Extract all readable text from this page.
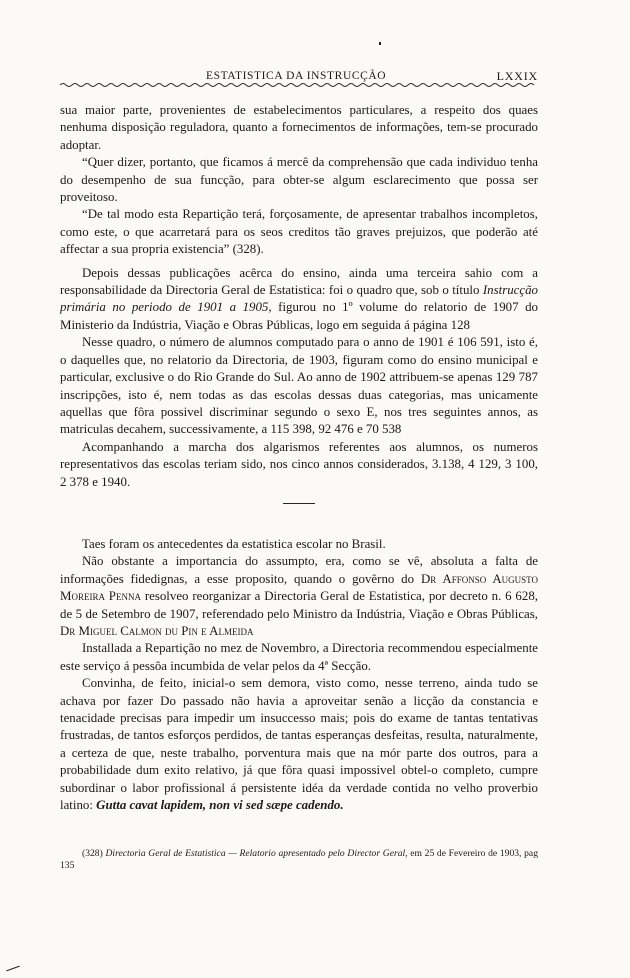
ESTATISTICA DA INSTRUCÇÃO	LXXIX

sua maior parte, provenientes de estabelecimentos particulares, a respeito dos quaes nenhuma disposição reguladora, quanto a fornecimentos de informações, tem-se procurado adoptar.

“Quer dizer, portanto, que ficamos á mercê da comprehensão que cada individuo tenha do desempenho de sua funcção, para obter-se algum esclarecimento que possa ser proveitoso.

“De tal modo esta Repartição terá, forçosamente, de apresentar trabalhos incompletos, como este, o que acarretará para os seos creditos tão graves prejuizos, que poderão até affectar a sua propria existencia” (328).

Depois dessas publicações acêrca do ensino, ainda uma terceira sahio com a responsabilidade da Directoria Geral de Estatistica: foi o quadro que, sob o título Instrucção primária no periodo de 1901 a 1905, figurou no 1º volume do relatorio de 1907 do Ministerio da Indústria, Viação e Obras Públicas, logo em seguida á página 128

Nesse quadro, o número de alumnos computado para o anno de 1901 é 106 591, isto é, o daquelles que, no relatorio da Directoria, de 1903, figuram como do ensino municipal e particular, exclusive o do Rio Grande do Sul. Ao anno de 1902 attribuem-se apenas 129 787 inscripções, isto é, nem todas as das escolas dessas duas categorias, mas unicamente aquellas que fôra possivel discriminar segundo o sexo E, nos tres seguintes annos, as matriculas decahem, successivamente, a 115 398, 92 476 e 70 538

Acompanhando a marcha dos algarismos referentes aos alumnos, os numeros representativos das escolas teriam sido, nos cinco annos considerados, 3.138, 4 129, 3 100, 2 378 e 1940.

Taes foram os antecedentes da estatistica escolar no Brasil.

Não obstante a importancia do assumpto, era, como se vê, absoluta a falta de informações fidedignas, a esse proposito, quando o govêrno do Dr Affonso Augusto Moreira Penna resolveo reorganizar a Directoria Geral de Estatistica, por decreto n. 6 628, de 5 de Setembro de 1907, referendado pelo Ministro da Indústria, Viação e Obras Públicas, Dr Miguel Calmon du Pin e Almeida

Installada a Repartição no mez de Novembro, a Directoria recommendou especialmente este serviço á pessôa incumbida de velar pelos da 4ª Secção.

Convinha, de feito, inicial-o sem demora, visto como, nesse terreno, ainda tudo se achava por fazer Do passado não havia a aproveitar senão a licção da constancia e tenacidade precisas para impedir um insuccesso mais; pois do exame de tantas tentativas frustradas, de tantos esforços perdidos, de tantas esperanças desfeitas, resulta, naturalmente, a certeza de que, neste trabalho, porventura mais que na mór parte dos outros, para a probabilidade dum exito relativo, já que fôra quasi impossivel obtel-o completo, cumpre subordinar o labor profissional á persistente idéa da verdade contida no velho proverbio latino: Gutta cavat lapidem, non vi sed sæpe cadendo.

(328) Directoria Geral de Estatistica — Relatorio apresentado pelo Director Geral, em 25 de Fevereiro de 1903, pag 135
